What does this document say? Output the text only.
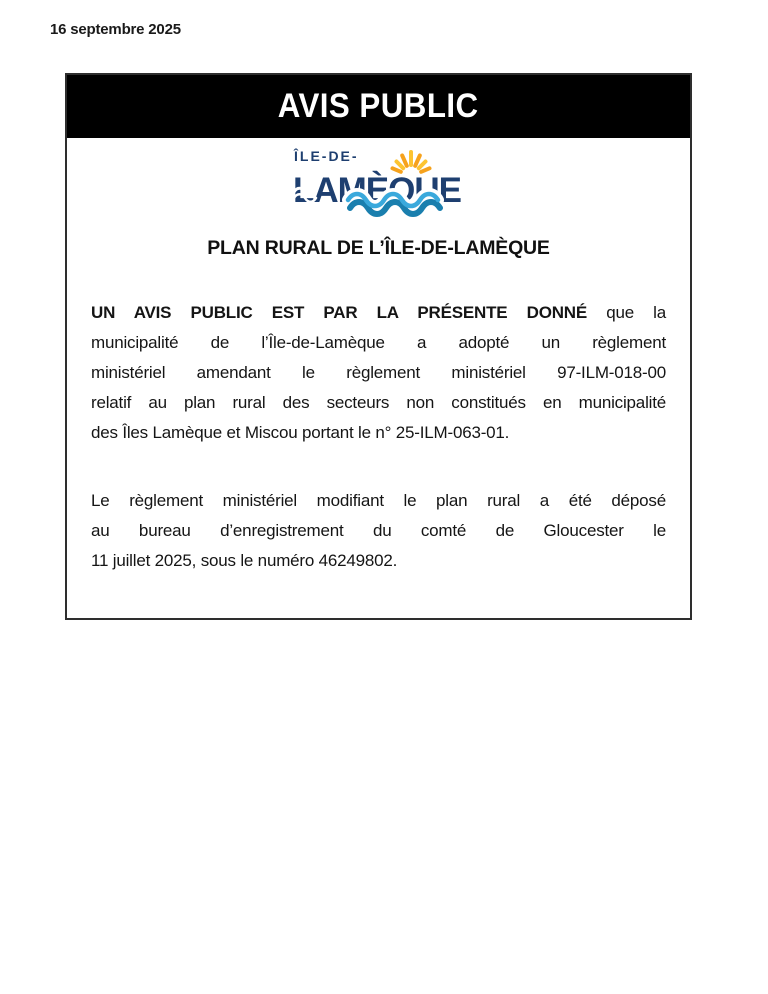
16 septembre 2025
AVIS PUBLIC
ÎLE-DE-
LAMÈQUE
PLAN RURAL DE L’ÎLE-DE-LAMÈQUE
UN AVIS PUBLIC EST PAR LA PRÉSENTE DONNÉ que la
municipalité de l’Île-de-Lamèque a adopté un règlement
ministériel amendant le règlement ministériel 97-ILM-018-00
relatif au plan rural des secteurs non constitués en municipalité
des Îles Lamèque et Miscou portant le n° 25-ILM-063-01.
Le règlement ministériel modifiant le plan rural a été déposé
au bureau d’enregistrement du comté de Gloucester le
11 juillet 2025, sous le numéro 46249802.
